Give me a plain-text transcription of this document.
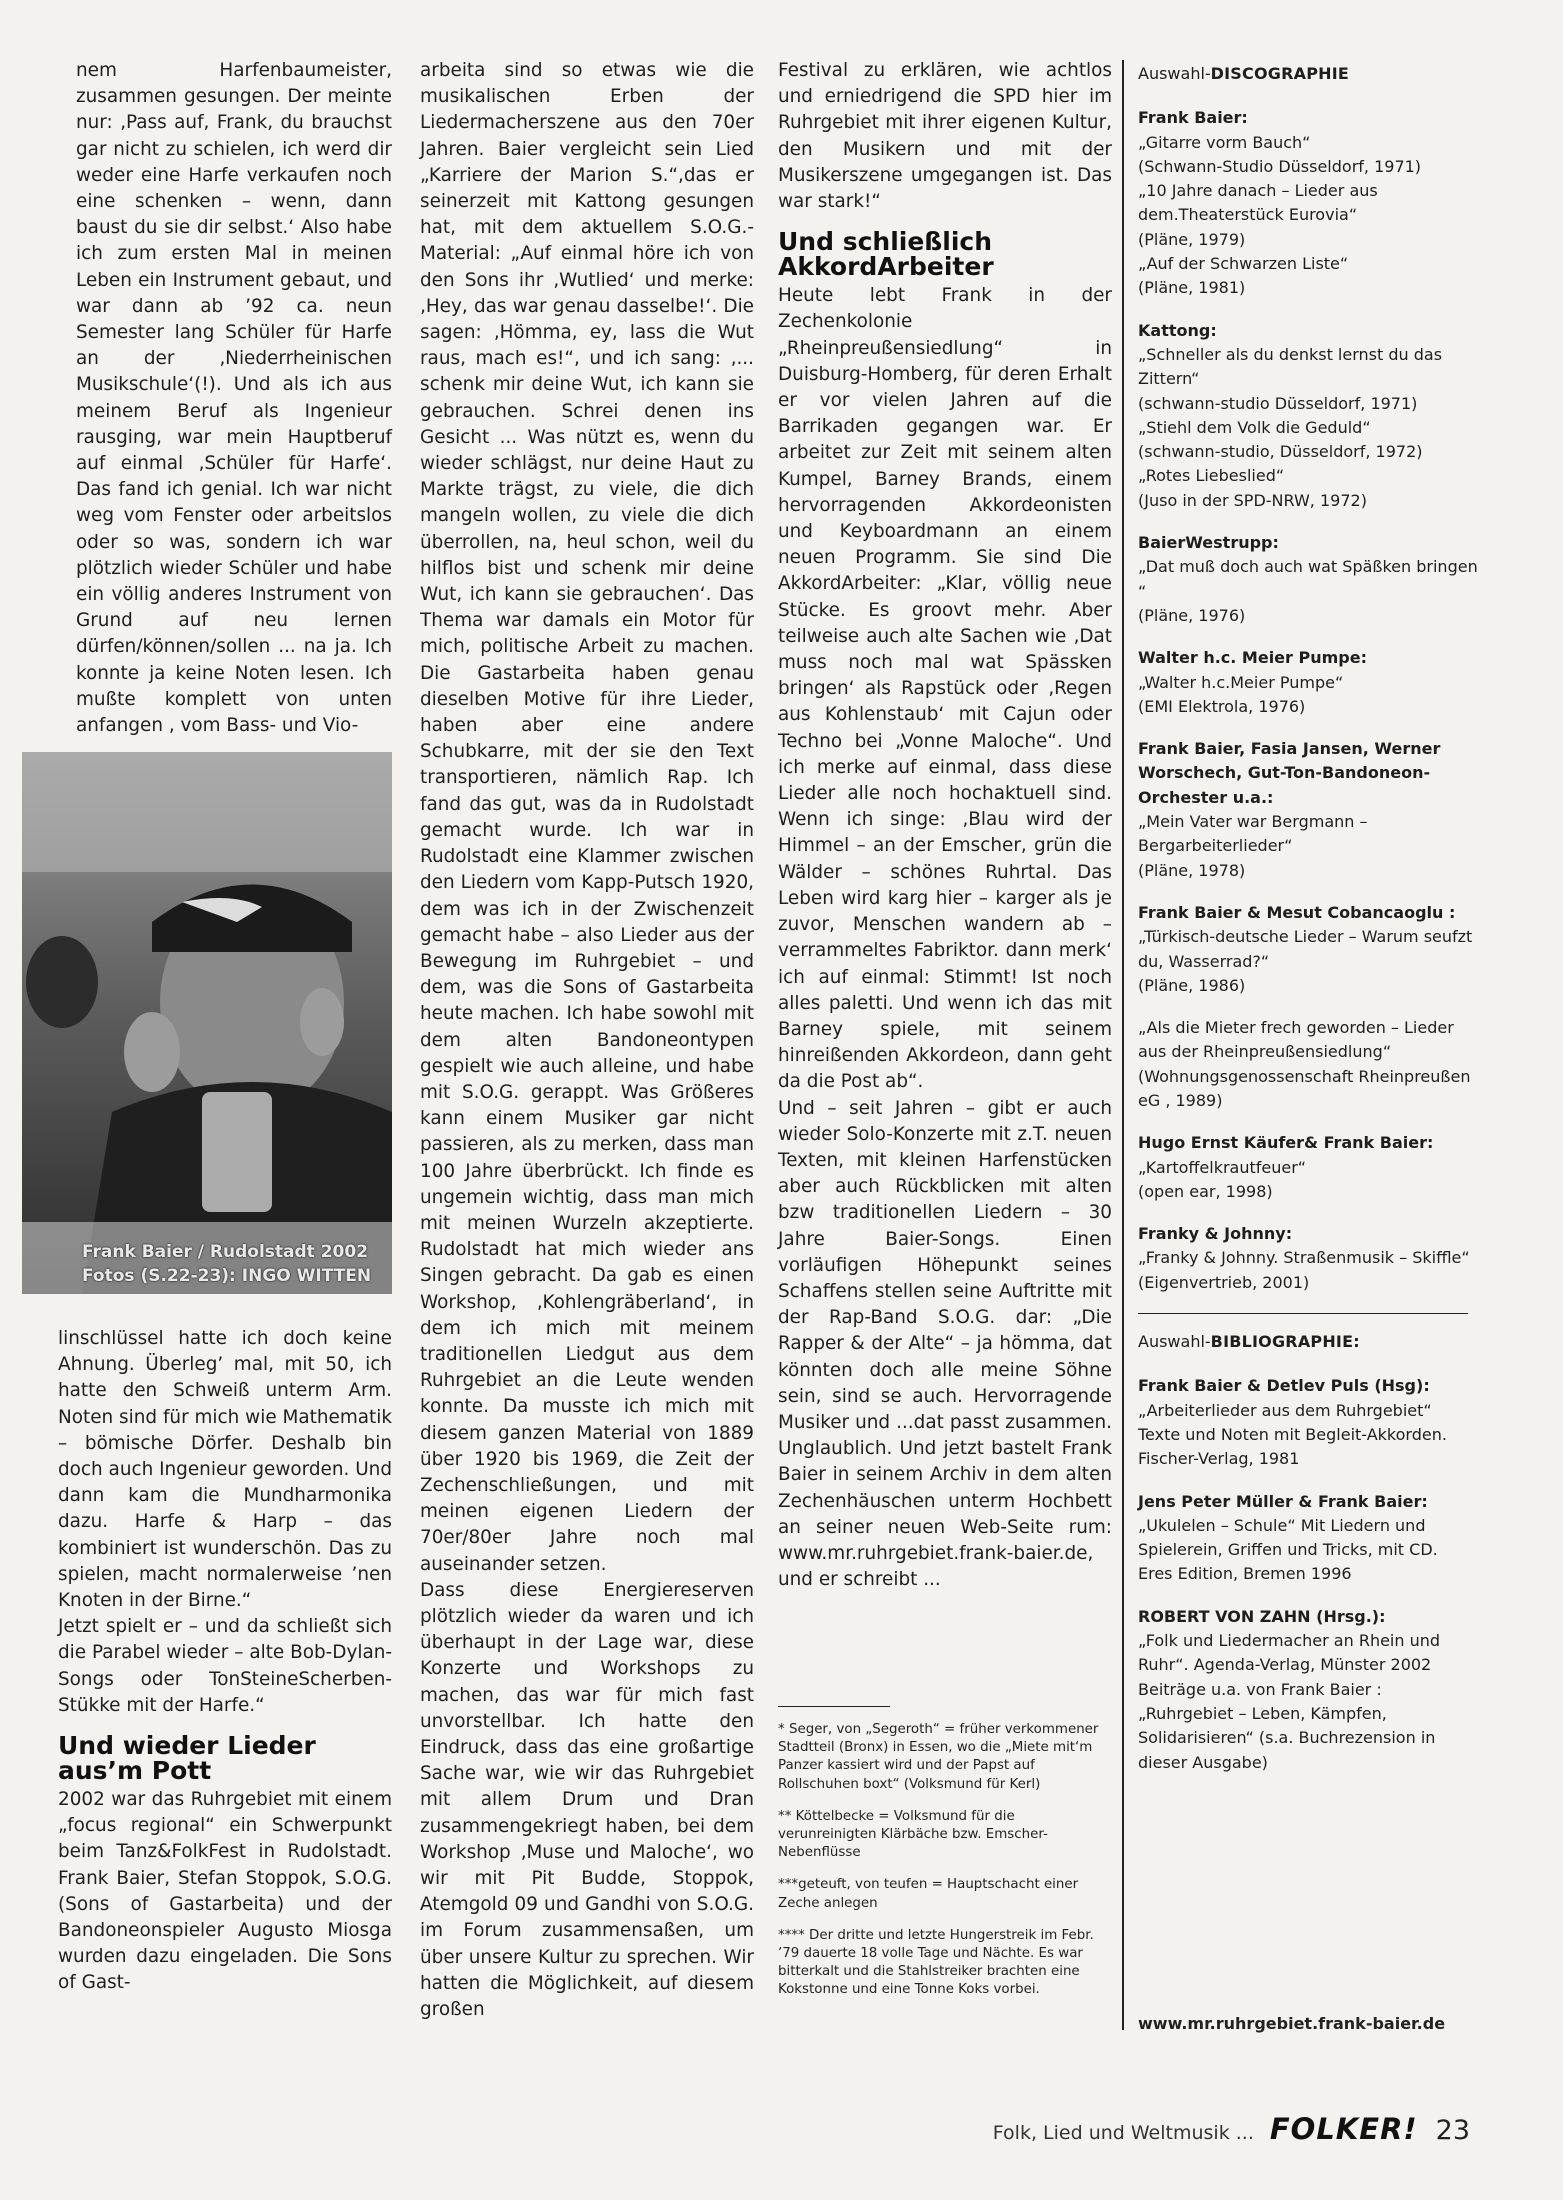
nem Harfenbaumeister, zusammen gesungen. Der meinte nur: ‚Pass auf, Frank, du brauchst gar nicht zu schielen, ich werd dir weder eine Harfe verkaufen noch eine schenken – wenn, dann baust du sie dir selbst.‘ Also habe ich zum ersten Mal in meinen Leben ein Instrument gebaut, und war dann ab ’92 ca. neun Semester lang Schüler für Harfe an der ‚Niederrheinischen Musikschule‘(!). Und als ich aus meinem Beruf als Ingenieur rausging, war mein Hauptberuf auf einmal ‚Schüler für Harfe‘. Das fand ich genial. Ich war nicht weg vom Fenster oder arbeitslos oder so was, sondern ich war plötzlich wieder Schüler und habe ein völlig anderes Instrument von Grund auf neu lernen dürfen/können/sollen ... na ja. Ich konnte ja keine Noten lesen. Ich mußte komplett von unten anfangen , vom Bass- und Vio-

Frank Baier / Rudolstadt 2002
Fotos (S.22-23): INGO WITTEN

linschlüssel hatte ich doch keine Ahnung. Überleg’ mal, mit 50, ich hatte den Schweiß unterm Arm. Noten sind für mich wie Mathematik – bömische Dörfer. Deshalb bin doch auch Ingenieur geworden. Und dann kam die Mundharmonika dazu. Harfe & Harp – das kombiniert ist wunderschön. Das zu spielen, macht normalerweise ’nen Knoten in der Birne.“

Jetzt spielt er – und da schließt sich die Parabel wieder – alte Bob-Dylan-Songs oder TonSteineScherben-Stükke mit der Harfe.“

Und wieder Lieder aus’m Pott

2002 war das Ruhrgebiet mit einem „focus regional“ ein Schwerpunkt beim Tanz&FolkFest in Rudolstadt. Frank Baier, Stefan Stoppok, S.O.G. (Sons of Gastarbeita) und der Bandoneonspieler Augusto Miosga wurden dazu eingeladen. Die Sons of Gast-

arbeita sind so etwas wie die musikalischen Erben der Liedermacherszene aus den 70er Jahren. Baier vergleicht sein Lied „Karriere der Marion S.“,das er seinerzeit mit Kattong gesungen hat, mit dem aktuellem S.O.G.-Material: „Auf einmal höre ich von den Sons ihr ‚Wutlied‘ und merke: ‚Hey, das war genau dasselbe!‘. Die sagen: ‚Hömma, ey, lass die Wut raus, mach es!“, und ich sang: ‚... schenk mir deine Wut, ich kann sie gebrauchen. Schrei denen ins Gesicht ... Was nützt es, wenn du wieder schlägst, nur deine Haut zu Markte trägst, zu viele, die dich mangeln wollen, zu viele die dich überrollen, na, heul schon, weil du hilflos bist und schenk mir deine Wut, ich kann sie gebrauchen‘. Das Thema war damals ein Motor für mich, politische Arbeit zu machen. Die Gastarbeita haben genau dieselben Motive für ihre Lieder, haben aber eine andere Schubkarre, mit der sie den Text transportieren, nämlich Rap. Ich fand das gut, was da in Rudolstadt gemacht wurde. Ich war in Rudolstadt eine Klammer zwischen den Liedern vom Kapp-Putsch 1920, dem was ich in der Zwischenzeit gemacht habe – also Lieder aus der Bewegung im Ruhrgebiet – und dem, was die Sons of Gastarbeita heute machen. Ich habe sowohl mit dem alten Bandoneontypen gespielt wie auch alleine, und habe mit S.O.G. gerappt. Was Größeres kann einem Musiker gar nicht passieren, als zu merken, dass man 100 Jahre überbrückt. Ich finde es ungemein wichtig, dass man mich mit meinen Wurzeln akzeptierte. Rudolstadt hat mich wieder ans Singen gebracht. Da gab es einen Workshop, ‚Kohlengräberland‘, in dem ich mich mit meinem traditionellen Liedgut aus dem Ruhrgebiet an die Leute wenden konnte. Da musste ich mich mit diesem ganzen Material von 1889 über 1920 bis 1969, die Zeit der Zechenschließungen, und mit meinen eigenen Liedern der 70er/80er Jahre noch mal auseinander setzen.

Dass diese Energiereserven plötzlich wieder da waren und ich überhaupt in der Lage war, diese Konzerte und Workshops zu machen, das war für mich fast unvorstellbar. Ich hatte den Eindruck, dass das eine großartige Sache war, wie wir das Ruhrgebiet mit allem Drum und Dran zusammengekriegt haben, bei dem Workshop ‚Muse und Maloche‘, wo wir mit Pit Budde, Stoppok, Atemgold 09 und Gandhi von S.O.G. im Forum zusammensaßen, um über unsere Kultur zu sprechen. Wir hatten die Möglichkeit, auf diesem großen

Festival zu erklären, wie achtlos und erniedrigend die SPD hier im Ruhrgebiet mit ihrer eigenen Kultur, den Musikern und mit der Musikerszene umgegangen ist. Das war stark!“

Und schließlich AkkordArbeiter

Heute lebt Frank in der Zechenkolonie „Rheinpreußensiedlung“ in Duisburg-Homberg, für deren Erhalt er vor vielen Jahren auf die Barrikaden gegangen war. Er arbeitet zur Zeit mit seinem alten Kumpel, Barney Brands, einem hervorragenden Akkordeonisten und Keyboardmann an einem neuen Programm. Sie sind Die AkkordArbeiter: „Klar, völlig neue Stücke. Es groovt mehr. Aber teilweise auch alte Sachen wie ‚Dat muss noch mal wat Spässken bringen‘ als Rapstück oder ‚Regen aus Kohlenstaub‘ mit Cajun oder Techno bei „Vonne Maloche“. Und ich merke auf einmal, dass diese Lieder alle noch hochaktuell sind. Wenn ich singe: ‚Blau wird der Himmel – an der Emscher, grün die Wälder – schönes Ruhrtal. Das Leben wird karg hier – karger als je zuvor, Menschen wandern ab – verrammeltes Fabriktor. dann merk‘ ich auf einmal: Stimmt! Ist noch alles paletti. Und wenn ich das mit Barney spiele, mit seinem hinreißenden Akkordeon, dann geht da die Post ab“.

Und – seit Jahren – gibt er auch wieder Solo-Konzerte mit z.T. neuen Texten, mit kleinen Harfenstücken aber auch Rückblicken mit alten bzw traditionellen Liedern – 30 Jahre Baier-Songs. Einen vorläufigen Höhepunkt seines Schaffens stellen seine Auftritte mit der Rap-Band S.O.G. dar: „Die Rapper & der Alte“ – ja hömma, dat könnten doch alle meine Söhne sein, sind se auch. Hervorragende Musiker und ...dat passt zusammen. Unglaublich. Und jetzt bastelt Frank Baier in seinem Archiv in dem alten Zechenhäuschen unterm Hochbett an seiner neuen Web-Seite rum: www.mr.ruhrgebiet.frank-baier.de, und er schreibt ...

* Seger, von „Segeroth“ = früher verkommener Stadtteil (Bronx) in Essen, wo die „Miete mit‘m Panzer kassiert wird und der Papst auf Rollschuhen boxt“ (Volksmund für Kerl)

** Köttelbecke = Volksmund für die verunreinigten Klärbäche bzw. Emscher-Nebenflüsse

***geteuft, von teufen = Hauptschacht einer Zeche anlegen

**** Der dritte und letzte Hungerstreik im Febr. ’79 dauerte 18 volle Tage und Nächte. Es war bitterkalt und die Stahlstreiker brachten eine Kokstonne und eine Tonne Koks vorbei.

Auswahl-DISCOGRAPHIE
Frank Baier:
„Gitarre vorm Bauch“
(Schwann-Studio Düsseldorf, 1971)
„10 Jahre danach – Lieder aus dem.Theaterstück Eurovia“
(Pläne, 1979)
„Auf der Schwarzen Liste“
(Pläne, 1981)
Kattong:
„Schneller als du denkst lernst du das Zittern“
(schwann-studio Düsseldorf, 1971)
„Stiehl dem Volk die Geduld“
(schwann-studio, Düsseldorf, 1972)
„Rotes Liebeslied“
(Juso in der SPD-NRW, 1972)
BaierWestrupp:
„Dat muß doch auch wat Späßken bringen “
(Pläne, 1976)
Walter h.c. Meier Pumpe:
„Walter h.c.Meier Pumpe“
(EMI Elektrola, 1976)
Frank Baier, Fasia Jansen, Werner Worschech, Gut-Ton-Bandoneon-Orchester u.a.:
„Mein Vater war Bergmann – Bergarbeiterlieder“
(Pläne, 1978)
Frank Baier & Mesut Cobancaoglu :
„Türkisch-deutsche Lieder – Warum seufzt du, Wasserrad?“
(Pläne, 1986)
„Als die Mieter frech geworden – Lieder aus der Rheinpreußensiedlung“
(Wohnungsgenossenschaft Rheinpreußen eG , 1989)
Hugo Ernst Käufer& Frank Baier:
„Kartoffelkrautfeuer“
(open ear, 1998)
Franky & Johnny:
„Franky & Johnny. Straßenmusik – Skiffle“ (Eigenvertrieb, 2001)
Auswahl-BIBLIOGRAPHIE:
Frank Baier & Detlev Puls (Hsg):
„Arbeiterlieder aus dem Ruhrgebiet“
Texte und Noten mit Begleit-Akkorden.
Fischer-Verlag, 1981
Jens Peter Müller & Frank Baier:
„Ukulelen – Schule“ Mit Liedern und Spielerein, Griffen und Tricks, mit CD.
Eres Edition, Bremen 1996
ROBERT VON ZAHN (Hrsg.):
„Folk und Liedermacher an Rhein und Ruhr“. Agenda-Verlag, Münster 2002
Beiträge u.a. von Frank Baier : „Ruhrgebiet – Leben, Kämpfen, Solidarisieren“ (s.a. Buchrezension in dieser Ausgabe)
www.mr.ruhrgebiet.frank-baier.de
Folk, Lied und Weltmusik ... FOLKER! 23
